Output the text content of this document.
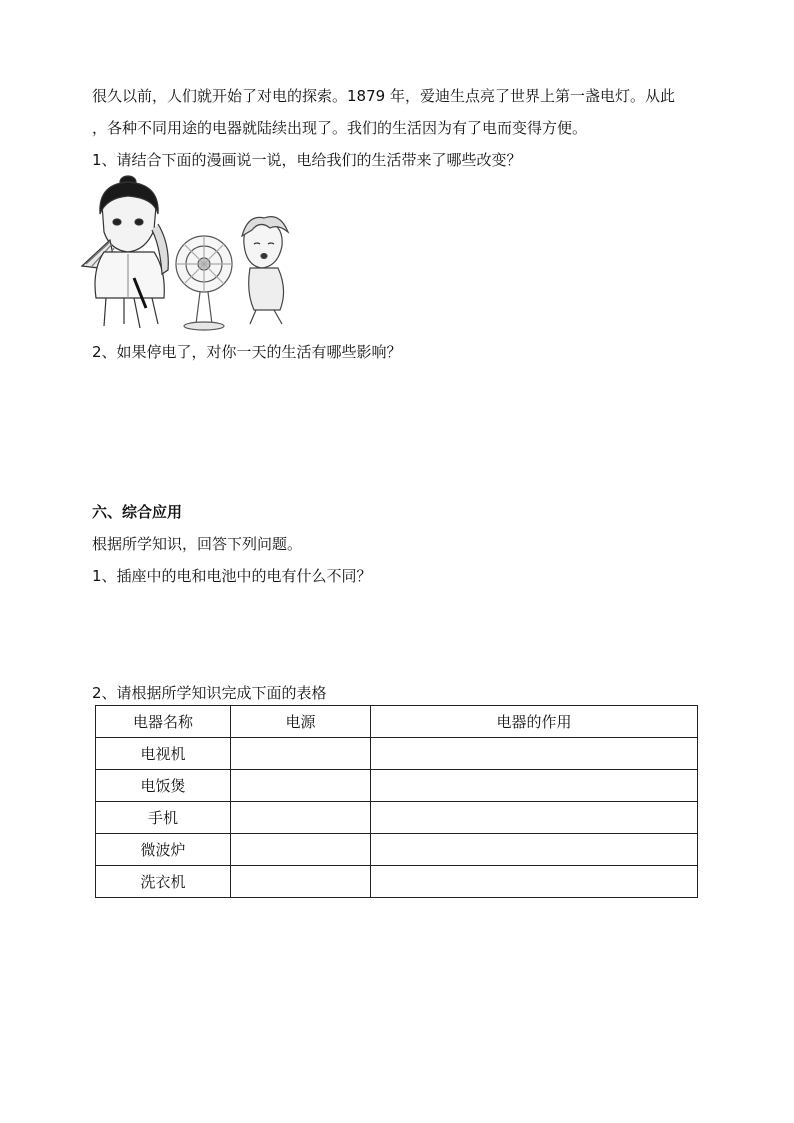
很久以前，人们就开始了对电的探索。1879 年，爱迪生点亮了世界上第一盏电灯。从此
，各种不同用途的电器就陆续出现了。我们的生活因为有了电而变得方便。
1、请结合下面的漫画说一说，电给我们的生活带来了哪些改变？
2、如果停电了，对你一天的生活有哪些影响？
六、综合应用
根据所学知识，回答下列问题。
1、插座中的电和电池中的电有什么不同？
2、请根据所学知识完成下面的表格
电器名称	电源	电器的作用
电视机		
电饭煲		
手机		
微波炉		
洗衣机		
